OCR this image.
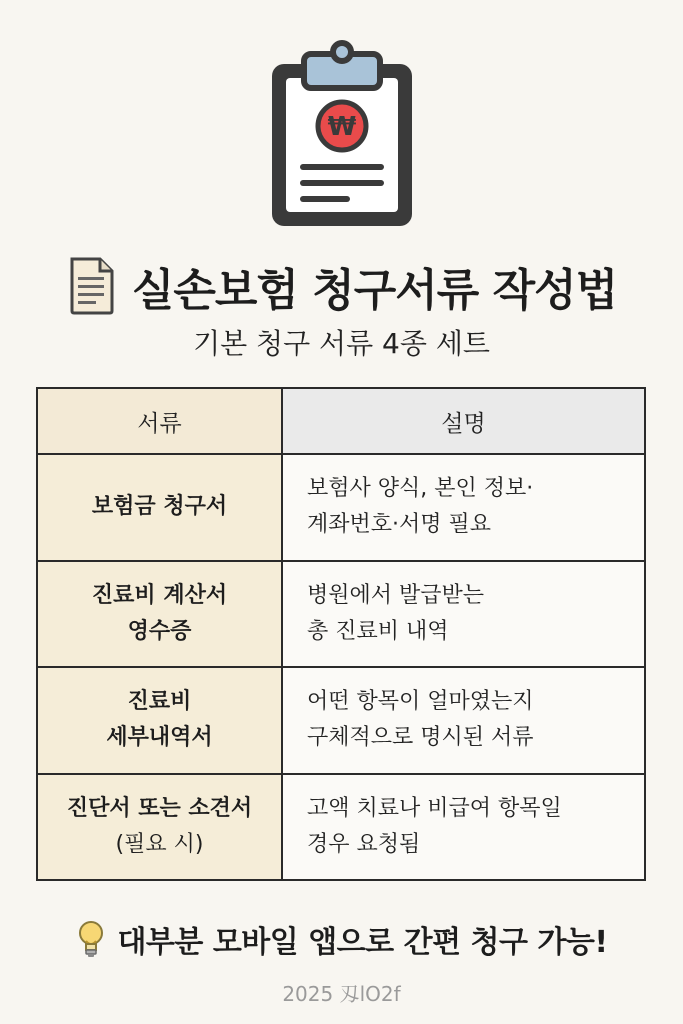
₩
실손보험 청구서류 작성법
기본 청구 서류 4종 세트
서류	설명

보험금 청구서	보험사 양식, 본인 정보·
계좌번호·서명 필요

진료비 계산서
영수증	병원에서 발급받는
총 진료비 내역

진료비
세부내역서	어떤 항목이 얼마였는지
구체적으로 명시된 서류

진단서 또는 소견서
(필요 시)	고액 치료나 비급여 항목일
경우 요청됨
대부분 모바일 앱으로 간편 청구 가능!
2025 刄lO2f
